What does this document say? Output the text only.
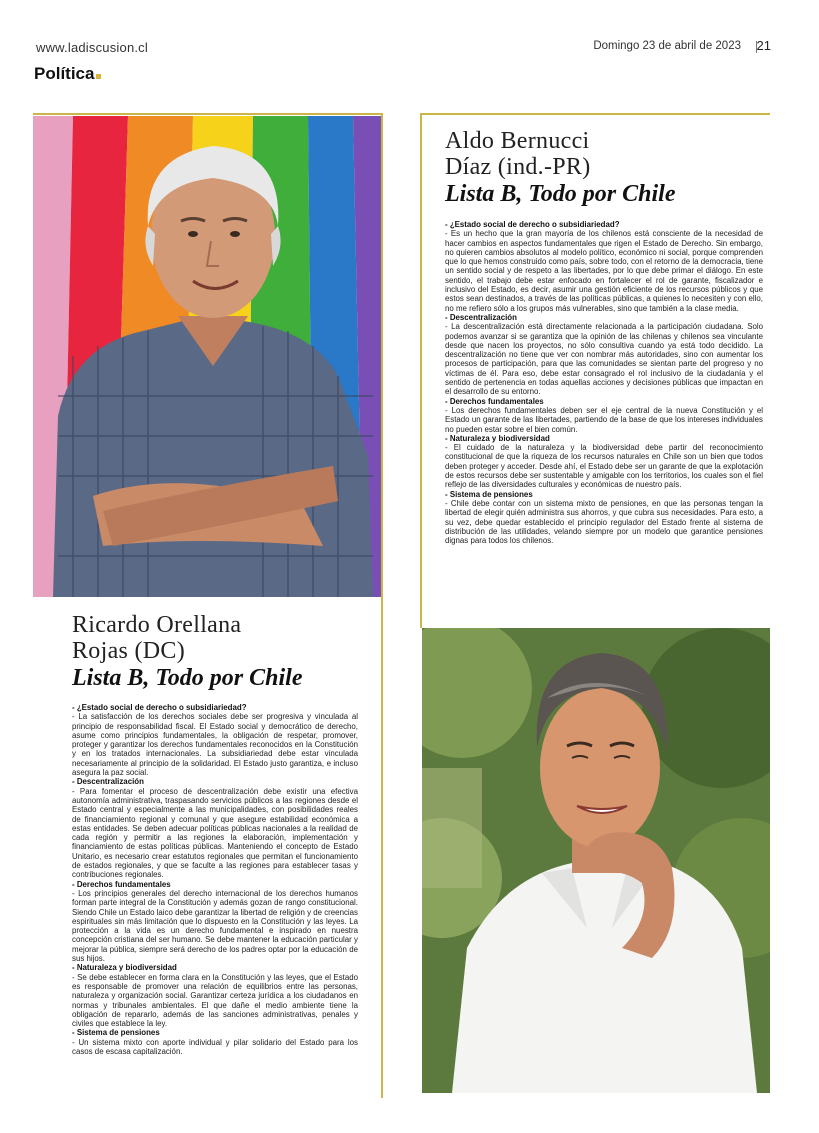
www.ladiscusion.cl	Domingo 23 de abril de 2023 21
Política
Ricardo Orellana
Rojas (DC)
Lista B, Todo por Chile

- ¿Estado social de derecho o subsidiariedad?

- La satisfacción de los derechos sociales debe ser progresiva y vinculada al principio de responsabilidad fiscal. El Estado social y democrático de derecho, asume como principios fundamentales, la obligación de respetar, promover, proteger y garantizar los derechos fundamentales reconocidos en la Constitución y en los tratados internacionales. La subsidiariedad debe estar vinculada necesariamente al principio de la solidaridad. El Estado justo garantiza, e incluso asegura la paz social.

- Descentralización

- Para fomentar el proceso de descentralización debe existir una efectiva autonomía administrativa, traspasando servicios públicos a las regiones desde el Estado central y especialmente a las municipalidades, con posibilidades reales de financiamiento regional y comunal y que asegure estabilidad económica a estas entidades. Se deben adecuar políticas públicas nacionales a la realidad de cada región y permitir a las regiones la elaboración, implementación y financiamiento de estas políticas públicas. Manteniendo el concepto de Estado Unitario, es necesario crear estatutos regionales que permitan el funcionamiento de estados regionales, y que se faculte a las regiones para establecer tasas y contribuciones regionales.

- Derechos fundamentales

- Los principios generales del derecho internacional de los derechos humanos forman parte integral de la Constitución y además gozan de rango constitucional. Siendo Chile un Estado laico debe garantizar la libertad de religión y de creencias espirituales sin más limitación que lo dispuesto en la Constitución y las leyes. La protección a la vida es un derecho fundamental e inspirado en nuestra concepción cristiana del ser humano. Se debe mantener la educación particular y mejorar la pública, siempre será derecho de los padres optar por la educación de sus hijos.

- Naturaleza y biodiversidad

- Se debe establecer en forma clara en la Constitución y las leyes, que el Estado es responsable de promover una relación de equilibrios entre las personas, naturaleza y organización social. Garantizar certeza jurídica a los ciudadanos en normas y tribunales ambientales. El que dañe el medio ambiente tiene la obligación de repararlo, además de las sanciones administrativas, penales y civiles que establece la ley.

- Sistema de pensiones

- Un sistema mixto con aporte individual y pilar solidario del Estado para los casos de escasa capitalización.

Aldo Bernucci
Díaz (ind.-PR)
Lista B, Todo por Chile

- ¿Estado social de derecho o subsidiariedad?

- Es un hecho que la gran mayoría de los chilenos está consciente de la necesidad de hacer cambios en aspectos fundamentales que rigen el Estado de Derecho. Sin embargo, no quieren cambios absolutos al modelo político, económico ni social, porque comprenden que lo que hemos construido como país, sobre todo, con el retorno de la democracia, tiene un sentido social y de respeto a las libertades, por lo que debe primar el diálogo. En este sentido, el trabajo debe estar enfocado en fortalecer el rol de garante, fiscalizador e inclusivo del Estado, es decir, asumir una gestión eficiente de los recursos públicos y que estos sean destinados, a través de las políticas públicas, a quienes lo necesiten y con ello, no me refiero sólo a los grupos más vulnerables, sino que también a la clase media.

- Descentralización

- La descentralización está directamente relacionada a la participación ciudadana. Solo podemos avanzar si se garantiza que la opinión de las chilenas y chilenos sea vinculante desde que nacen los proyectos, no sólo consultiva cuando ya está todo decidido. La descentralización no tiene que ver con nombrar más autoridades, sino con aumentar los procesos de participación, para que las comunidades se sientan parte del progreso y no víctimas de él. Para eso, debe estar consagrado el rol inclusivo de la ciudadanía y el sentido de pertenencia en todas aquellas acciones y decisiones públicas que impactan en el desarrollo de su entorno.

- Derechos fundamentales

- Los derechos fundamentales deben ser el eje central de la nueva Constitución y el Estado un garante de las libertades, partiendo de la base de que los intereses individuales no pueden estar sobre el bien común.

- Naturaleza y biodiversidad

- El cuidado de la naturaleza y la biodiversidad debe partir del reconocimiento constitucional de que la riqueza de los recursos naturales en Chile son un bien que todos deben proteger y acceder. Desde ahí, el Estado debe ser un garante de que la explotación de estos recursos debe ser sustentable y amigable con los territorios, los cuales son el fiel reflejo de las diversidades culturales y económicas de nuestro país.

- Sistema de pensiones

- Chile debe contar con un sistema mixto de pensiones, en que las personas tengan la libertad de elegir quién administra sus ahorros, y que cubra sus necesidades. Para esto, a su vez, debe quedar establecido el principio regulador del Estado frente al sistema de distribución de las utilidades, velando siempre por un modelo que garantice pensiones dignas para todos los chilenos.
